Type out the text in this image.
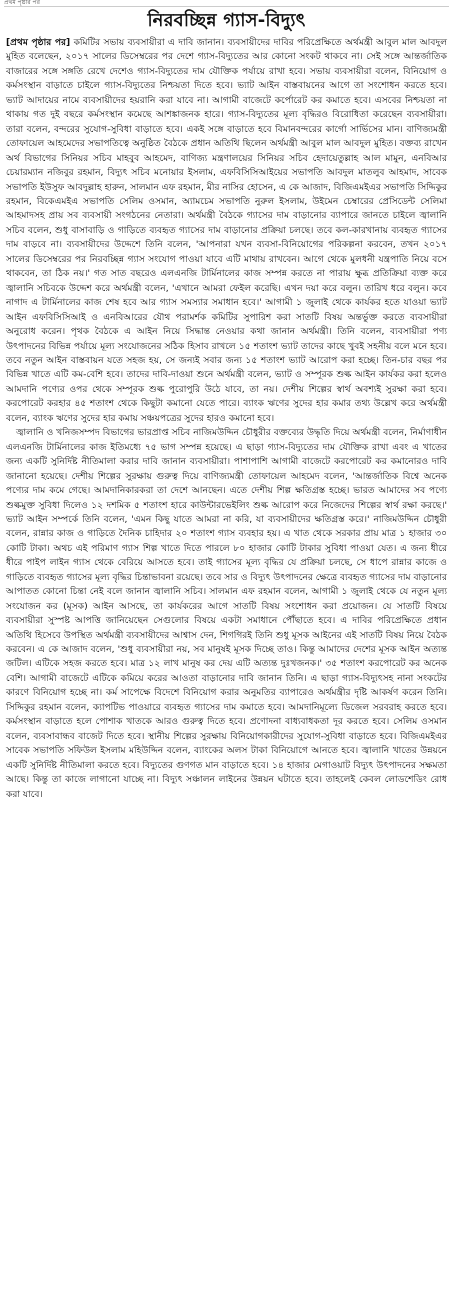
প্রথম পৃষ্ঠার পর
নিরবচ্ছিন্ন গ্যাস-বিদ্যুৎ

[প্রথম পৃষ্ঠার পর] কমিটির সভায় ব্যবসায়ীরা এ দাবি জানান। ব্যবসায়ীদের দাবির পরিপ্রেক্ষিতে অর্থমন্ত্রী আবুল মাল আবদুল মুহিত বলেছেন, ২০১৭ সালের ডিসেম্বরের পর দেশে গ্যাস-বিদ্যুতের আর কোনো সংকট থাকবে না। সেই সঙ্গে আন্তর্জাতিক বাজারের সঙ্গে সঙ্গতি রেখে দেশেও গ্যাস-বিদ্যুতের দাম যৌক্তিক পর্যায়ে রাখা হবে। সভায় ব্যবসায়ীরা বলেন, বিনিয়োগ ও কর্মসংস্থান বাড়াতে চাইলে গ্যাস-বিদ্যুতের নিশ্চয়তা দিতে হবে। ভ্যাট আইন বাস্তবায়নের আগে তা সংশোধন করতে হবে। ভ্যাট আদায়ের নামে ব্যবসায়ীদের হয়রানি করা যাবে না। আগামী বাজেটে কর্পোরেট কর কমাতে হবে। এসবের নিশ্চয়তা না থাকায় গত দুই বছরে কর্মসংস্থান কমেছে আশঙ্কাজনক হারে। গ্যাস-বিদ্যুতের মূল্য বৃদ্ধিরও বিরোধিতা করেছেন ব্যবসায়ীরা। তারা বলেন, বন্দরের সুযোগ-সুবিধা বাড়াতে হবে। একই সঙ্গে বাড়াতে হবে বিমানবন্দরের কার্গো সার্ভিসের মান। বাণিজ্যমন্ত্রী তোফায়েল আহমেদের সভাপতিত্বে অনুষ্ঠিত বৈঠকে প্রধান অতিথি ছিলেন অর্থমন্ত্রী আবুল মাল আবদুল মুহিত। বক্তব্য রাখেন অর্থ বিভাগের সিনিয়র সচিব মাহবুব আহমেদ, বাণিজ্য মন্ত্রণালয়ের সিনিয়র সচিব হেদায়েতুল্লাহ আল মামুন, এনবিআর চেয়ারম্যান নজিবুর রহমান, বিদ্যুৎ সচিব মনোয়ার ইসলাম, এফবিসিসিআইয়ের সভাপতি আবদুল মাতলুব আহমাদ, সাবেক সভাপতি ইউসুফ আবদুল্লাহ হারুন, সালমান এফ রহমান, মীর নাসির হোসেন, এ কে আজাদ, বিজিএমইএর সভাপতি সিদ্দিকুর রহমান, বিকেএমইএ সভাপতি সেলিম ওসমান, অ্যামচেম সভাপতি নুরুল ইসলাম, উইমেন চেম্বারের প্রেসিডেন্ট সেলিমা আহমাদসহ প্রায় সব ব্যবসায়ী সংগঠনের নেতারা। অর্থমন্ত্রী বৈঠকে গ্যাসের দাম বাড়ানোর ব্যাপারে জানতে চাইলে জ্বালানি সচিব বলেন, শুধু বাসাবাড়ি ও গাড়িতে ব্যবহৃত গ্যাসের দাম বাড়ানোর প্রক্রিয়া চলছে। তবে কল-কারখানায় ব্যবহৃত গ্যাসের দাম বাড়বে না। ব্যবসায়ীদের উদ্দেশে তিনি বলেন, 'আপনারা যখন ব্যবসা-বিনিয়োগের পরিকল্পনা করবেন, তখন ২০১৭ সালের ডিসেম্বরের পর নিরবচ্ছিন্ন গ্যাস সংযোগ পাওয়া যাবে এটি মাথায় রাখবেন। আগে থেকে মুলধনী যন্ত্রপাতি নিয়ে বসে থাকবেন, তা ঠিক নয়।' গত সাত বছরেও এলএনজি টার্মিনালের কাজ সম্পন্ন করতে না পারায় ক্ষুব্ধ প্রতিক্রিয়া ব্যক্ত করে জ্বালানি সচিবকে উদ্দেশ করে অর্থমন্ত্রী বলেন, 'এখানে আমরা ফেইল করেছি। এখন দয়া করে বলুন। তারিখ ধরে বলুন। কবে নাগাদ এ টার্মিনালের কাজ শেষ হবে আর গ্যাস সমস্যার সমাধান হবে।' আগামী ১ জুলাই থেকে কার্যকর হতে যাওয়া ভ্যাট আইন এফবিসিসিআই ও এনবিআরের যৌথ পরামর্শক কমিটির সুপারিশ করা সাতটি বিষয় অন্তর্ভুক্ত করতে ব্যবসায়ীরা অনুরোধ করেন। পৃথক বৈঠকে এ আইন নিয়ে সিদ্ধান্ত নেওয়ার কথা জানান অর্থমন্ত্রী। তিনি বলেন, ব্যবসায়ীরা পণ্য উৎপাদনের বিভিন্ন পর্যায়ে মূল্য সংযোজনের সঠিক হিসাব রাখলে ১৫ শতাংশ ভ্যাট তাদের কাছে খুবই সহনীয় বলে মনে হবে। তবে নতুন আইন বাস্তবায়ন যতে সহজ হয়, সে জন্যই সবার জন্য ১৫ শতাংশ ভ্যাট আরোপ করা হচ্ছে। তিন-চার বছর পর বিভিন্ন খাতে এটি কম-বেশি হবে। তাদের দাবি-দাওয়া শুনে অর্থমন্ত্রী বলেন, ভ্যাট ও সম্পূরক শুল্ক আইন কার্যকর করা হলেও আমদানি পণ্যের ওপর থেকে সম্পূরক শুল্ক পুরোপুরি উঠে যাবে, তা নয়। দেশীয় শিল্পের স্বার্থ অবশ্যই সুরক্ষা করা হবে। করপোরেট করহার ৪৫ শতাংশ থেকে কিছুটা কমানো যেতে পারে। ব্যাংক ঋণের সুদের হার কমার তথ্য উল্লেখ করে অর্থমন্ত্রী বলেন, ব্যাংক ঋণের সুদের হার কমায় সঞ্চয়পত্রের সুদের হারও কমানো হবে।

জ্বালানি ও খনিজসম্পদ বিভাগের ভারপ্রাপ্ত সচিব নাজিমউদ্দিন চৌধুরীর বক্তব্যের উদ্ধৃতি দিয়ে অর্থমন্ত্রী বলেন, নির্মাণাধীন এলএনজি টার্মিনালের কাজ ইতিমধ্যে ৭৫ ভাগ সম্পন্ন হয়েছে। এ ছাড়া গ্যাস-বিদ্যুতের দাম যৌক্তিক রাখা এবং এ খাতের জন্য একটি সুনির্দিষ্ট নীতিমালা করার দাবি জানান ব্যবসায়ীরা। পাশাপাশি আগামী বাজেটে করপোরেট কর কমানোরও দাবি জানানো হয়েছে। দেশীয় শিল্পের সুরক্ষায় গুরুত্ব দিয়ে বাণিজ্যমন্ত্রী তোফায়েল আহমেদ বলেন, 'আন্তর্জাতিক বিশ্বে অনেক পণ্যের দাম কমে গেছে। আমদানিকারকরা তা দেশে আনছেন। এতে দেশীয় শিল্প ক্ষতিগ্রস্ত হচ্ছে। ভারত আমাদের সব পণ্যে শুল্কমুক্ত সুবিধা দিলেও ১২ দশমিক ৫ শতাংশ হারে কাউন্টারভেইলিং শুল্ক আরোপ করে নিজেদের শিল্পের স্বার্থ রক্ষা করছে।' ভ্যাট আইন সম্পর্কে তিনি বলেন, 'এমন কিছু যাতে আমরা না করি, যা ব্যবসায়ীদের ক্ষতিগ্রস্ত করে।' নাজিমউদ্দিন চৌধুরী বলেন, রান্নার কাজ ও গাড়িতে দৈনিক চাহিদার ২০ শতাংশ গ্যাস ব্যবহার হয়। এ খাত থেকে সরকার প্রায় মাত্র ১ হাজার ৩০ কোটি টাকা। অথচ এই পরিমাণ গ্যাস শিল্প খাতে দিতে পারলে ৮০ হাজার কোটি টাকার সুবিধা পাওয়া যেত। এ জন্য ধীরে ধীরে পাইপ লাইন গ্যাস থেকে বেরিয়ে আসতে হবে। তাই গ্যাসের মূল্য বৃদ্ধির যে প্রক্রিয়া চলছে, সে ধাপে রান্নার কাজে ও গাড়িতে ব্যবহৃত গ্যাসের মূল্য বৃদ্ধির চিন্তাভাবনা রয়েছে। তবে সার ও বিদ্যুৎ উৎপাদনের ক্ষেত্রে ব্যবহৃত গ্যাসের দাম বাড়ানোর আপাতত কোনো চিন্তা নেই বলে জানান জ্বালানি সচিব। সালমান এফ রহমান বলেন, আগামী ১ জুলাই থেকে যে নতুন মূল্য সংযোজন কর (মূসক) আইন আসছে, তা কার্যকরের আগে সাতটি বিষয় সংশোধন করা প্রয়োজন। যে সাতটি বিষয়ে ব্যবসায়ীরা সুস্পষ্ট আপত্তি জানিয়েছেন সেগুলোর বিষয়ে একটা সমাধানে পৌঁছাতে হবে। এ দাবির পরিপ্রেক্ষিতে প্রধান অতিথি হিসেবে উপস্থিত অর্থমন্ত্রী ব্যবসায়ীদের আশ্বাস দেন, শিগগিরই তিনি শুধু মূসক আইনের এই সাতটি বিষয় নিয়ে বৈঠক করবেন। এ কে আজাদ বলেন, 'শুধু ব্যবসায়ীরা নয়, সব মানুষই মূসক দিচ্ছে তাও। কিন্তু আমাদের দেশের মূসক আইন অত্যন্ত জটিল। এটিকে সহজ করতে হবে। মাত্র ১২ লাখ মানুষ কর দেয় এটি অত্যন্ত দুঃখজনক।' ৩৫ শতাংশ করপোরেট কর অনেক বেশি। আগামী বাজেটে এটিকে কমিয়ে করের আওতা বাড়ানোর দাবি জানান তিনি। এ ছাড়া গ্যাস-বিদ্যুৎসহ নানা সংকটের কারণে বিনিয়োগ হচ্ছে না। কর্ম সাপেক্ষে বিদেশে বিনিয়োগ করার অনুমতির ব্যাপারেও অর্থমন্ত্রীর দৃষ্টি আকর্ষণ করেন তিনি। সিদ্দিকুর রহমান বলেন, ক্যাপটিভ পাওয়ারে ব্যবহৃত গ্যাসের দাম কমাতে হবে। আমদানিমূল্যে ডিজেল সরবরাহ করতে হবে। কর্মসংস্থান বাড়াতে হলে পোশাক খাতকে আরও গুরুত্ব দিতে হবে। প্রণোদনা বাধ্যবাধকতা দূর করতে হবে। সেলিম ওসমান বলেন, ব্যবসাবান্ধব বাজেট দিতে হবে। স্থানীয় শিল্পের সুরক্ষায় বিনিয়োগকারীদের সুযোগ-সুবিধা বাড়াতে হবে। বিজিএমইএর সাবেক সভাপতি সফিউল ইসলাম মহিউদ্দিন বলেন, ব্যাংকের অলস টাকা বিনিয়োগে আনতে হবে। জ্বালানি খাতের উন্নয়নে একটি সুনির্দিষ্ট নীতিমালা করতে হবে। বিদ্যুতের গুণগত মান বাড়াতে হবে। ১৪ হাজার মেগাওয়াট বিদ্যুৎ উৎপাদনের সক্ষমতা আছে। কিন্তু তা কাজে লাগানো যাচ্ছে না। বিদ্যুৎ সঞ্চালন লাইনের উন্নয়ন ঘটাতে হবে। তাহলেই কেবল লোডশেডিং রোধ করা যাবে।
